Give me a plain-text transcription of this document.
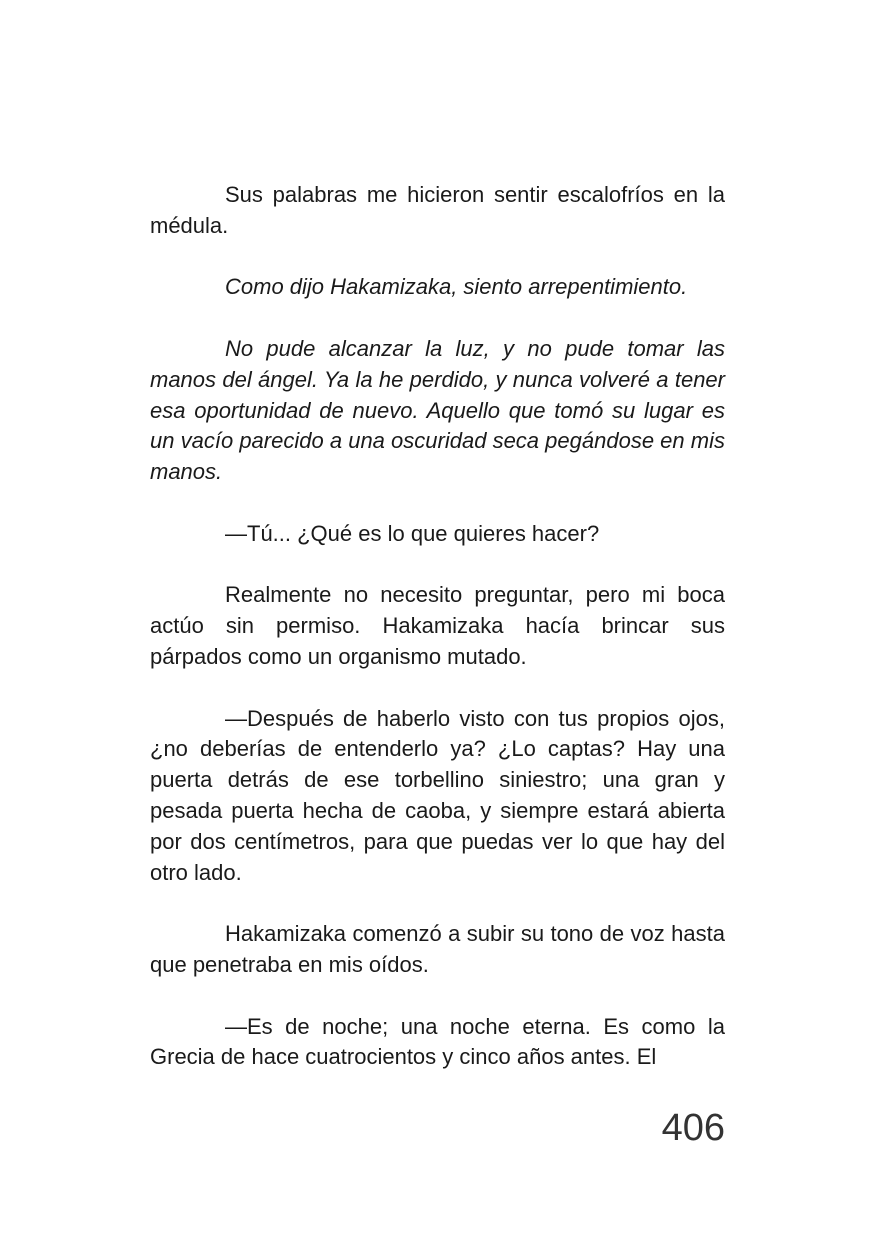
Sus palabras me hicieron sentir escalofríos en la médula.

Como dijo Hakamizaka, siento arrepentimiento.

No pude alcanzar la luz, y no pude tomar las manos del ángel. Ya la he perdido, y nunca volveré a tener esa oportunidad de nuevo. Aquello que tomó su lugar es un vacío parecido a una oscuridad seca pegándose en mis manos.

—Tú... ¿Qué es lo que quieres hacer?

Realmente no necesito preguntar, pero mi boca actúo sin permiso. Hakamizaka hacía brincar sus párpados como un organismo mutado.

—Después de haberlo visto con tus propios ojos, ¿no deberías de entenderlo ya? ¿Lo captas? Hay una puerta detrás de ese torbellino siniestro; una gran y pesada puerta hecha de caoba, y siempre estará abierta por dos centímetros, para que puedas ver lo que hay del otro lado.

Hakamizaka comenzó a subir su tono de voz hasta que penetraba en mis oídos.

—Es de noche; una noche eterna. Es como la Grecia de hace cuatrocientos y cinco años antes. El

406
